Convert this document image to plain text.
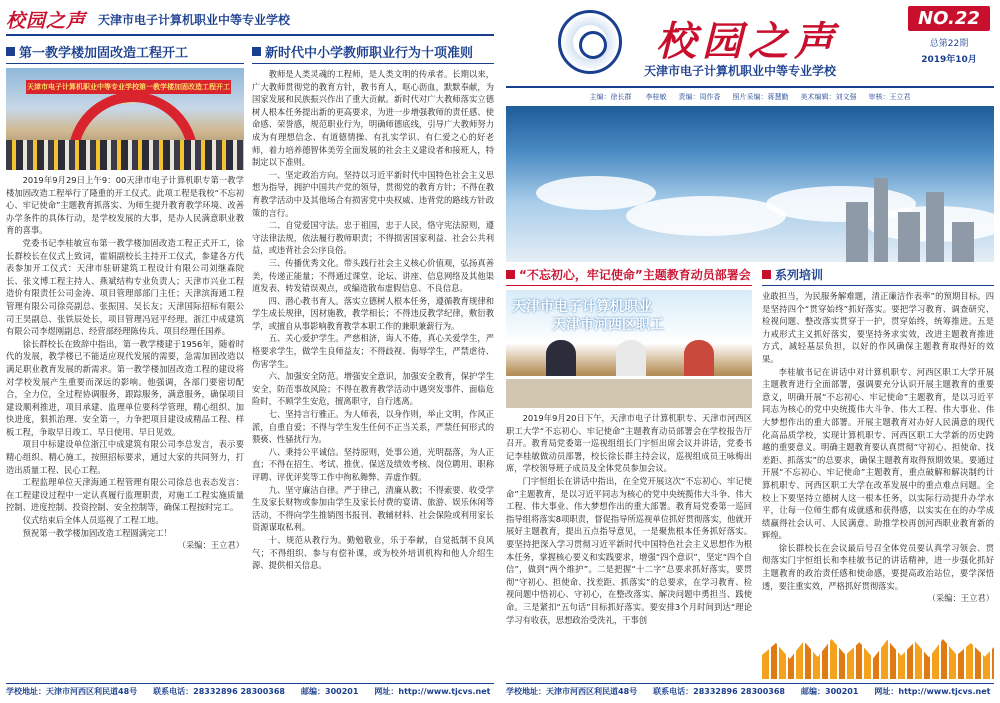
校园之声 天津市电子计算机职业中等专业学校
第一教学楼加固改造工程开工
天津市电子计算机职业中等专业学校第一教学楼加固改造工程开工仪式

2019年9月29日上午9：00天津市电子计算机职专第一教学楼加固改造工程举行了隆重的开工仪式。此项工程是我校“不忘初心、牢记使命”主题教育抓落实、为师生提升教育教学环境、改善办学条件的具体行动，是学校发展的大事，是办人民满意职业教育的喜事。

党委书记李桂敏宣布第一教学楼加固改造工程正式开工，徐长群校长在仪式上致词，霍娟副校长主持开工仪式，参建各方代表参加开工仪式：天津市驻研建筑工程设计有限公司刘继森院长、张文博工程主持人、燕斌结构专业负责人；天津市兴业工程造价有限责任公司金涛、项目管理部部门主任；天津滨海通工程管理有限公司徐亮副总、张振国、吴长友；天津国际招标有限公司王昊副总、张铁辰处长，项目管理冯冠平经理。浙江中成建筑有限公司李煜刚副总、经营部经理陈传兵、项目经理任国养。

徐长群校长在致辞中指出，第一教学楼建于1956年，随着时代的发展，教学楼已不能适应现代发展的需要，急需加固改造以满足职业教育发展的新需求。第一教学楼加固改造工程的建设将对学校发展产生重要而深远的影响。他强调，各部门要密切配合，全力位，全过程协调服务，跟踪服务，满意服务，确保项目建设顺利推进，项目承建、监理单位要科学管理，精心组织、加快进度，狠抓治理、安全第一，力争把项目建设成精品工程、样板工程，争取早日竣工、早日使用、早日见效。

项目中标建设单位浙江中成建筑有限公司李总发言，表示要精心组织、精心施工，按照招标要求，通过大家的共同努力，打造出质量工程、民心工程。

工程监理单位天津海通工程管理有限公司徐总也表态发言：在工程建设过程中一定认真履行监理职责，对施工工程实施质量控制、进度控制、投资控制、安全控制等，确保工程按时完工。

仪式结束后全体人员巡视了工程工地。

预祝第一教学楼加固改造工程圆满完工！

（采编：王立君）
新时代中小学教师职业行为十项准则

教师是人类灵魂的工程师，是人类文明的传承者。长期以来，广大教师贯彻党的教育方针，教书育人，呕心沥血，默默奉献，为国家发展和民族振兴作出了重大贡献。新时代对广大教师落实立德树人根本任务提出新的更高要求，为进一步增强教师的责任感、使命感、荣誉感，规范职业行为，明确师德底线，引导广大教师努力成为有理想信念、有道德情操、有扎实学识、有仁爱之心的好老师，着力培养德智体美劳全面发展的社会主义建设者和接班人，特制定以下准则。

一、坚定政治方向。坚持以习近平新时代中国特色社会主义思想为指导，拥护中国共产党的领导，贯彻党的教育方针；不得在教育教学活动中及其他场合有损害党中央权威、违背党的路线方针政策的言行。

二、自觉爱国守法。忠于祖国，忠于人民，恪守宪法原则，遵守法律法规，依法履行教师职责；不得损害国家利益、社会公共利益，或违背社会公序良俗。

三、传播优秀文化。带头践行社会主义核心价值观，弘扬真善美，传递正能量；不得通过课堂、论坛、讲座、信息网络及其他渠道发表、转发错误观点，或编造散布虚假信息、不良信息。

四、潜心教书育人。落实立德树人根本任务，遵循教育规律和学生成长规律，因材施教，教学相长；不得违反教学纪律，敷衍教学，或擅自从事影响教育教学本职工作的兼职兼薪行为。

五、关心爱护学生。严慈相济，诲人不倦，真心关爱学生，严格要求学生，做学生良师益友；不得歧视、侮辱学生，严禁虐待、伤害学生。

六、加强安全防范。增强安全意识，加强安全教育，保护学生安全，防范事故风险；不得在教育教学活动中遇突发事件、面临危险时，不顾学生安危，擅离职守，自行逃离。

七、坚持言行雅正。为人师表，以身作则，举止文明，作风正派，自重自爱；不得与学生发生任何不正当关系，严禁任何形式的猥亵、性骚扰行为。

八、秉持公平诚信。坚持原则，处事公道，光明磊落，为人正直；不得在招生、考试、推优、保送及绩效考核、岗位聘用、职称评聘、评优评奖等工作中徇私舞弊、弄虚作假。

九、坚守廉洁自律。严于律己，清廉从教；不得索要、收受学生及家长财物或参加由学生及家长付费的宴请、旅游、娱乐休闲等活动，不得向学生推销图书报刊、教辅材料、社会保险或利用家长资源谋取私利。

十、规范从教行为。勤勉敬业，乐于奉献，自觉抵制不良风气；不得组织、参与有偿补课，或为校外培训机构和他人介绍生源、提供相关信息。

学校地址：天津市河西区利民道48号 联系电话：28332896 28300368 邮编：300201 网址：http://www.tjcvs.net
校园之声
天津市电子计算机职业中等专业学校
NO.22
总第22期
2019年10月
主编：徐长群　　李桂敏 责编：周作香 照片采编：蒋慧勤 美术编辑：刘文强 审核：王立君
“不忘初心，牢记使命”主题教育动员部署会
天津市电子计算机职业
天津市河西区职工

2019年9月20日下午，天津市电子计算机职专、天津市河西区职工大学“不忘初心、牢记使命”主题教育动员部署会在学校报告厅召开。教育局党委第一巡视组组长门宇恒出席会议并讲话，党委书记李桂敏做动员部署，校长徐长群主持会议，巡视组成员王咏梅出席，学校领导班子成员及全体党员参加会议。

门宇恒组长在讲话中指出，在全党开展这次“不忘初心、牢记使命”主题教育，是以习近平同志为核心的党中央统揽伟大斗争、伟大工程、伟大事业、伟大梦想作出的重大部署。教育局党委第一巡回指导组将落实8项职责，督促指导所巡视单位抓好贯彻落实，他就开展好主题教育，提出五点指导意见，一是聚焦根本任务抓好落实。要坚持把深入学习贯彻习近平新时代中国特色社会主义思想作为根本任务，掌握核心要义和实践要求，增强“四个意识”，坚定“四个自信”，做到“两个维护”。二是把握“十二字”总要求抓好落实，要贯彻“守初心、担使命、找差距、抓落实”的总要求，在学习教育、检视问题中悟初心、守初心，在整改落实、解决问题中勇担当、践使命。三是紧扣“五句话”目标抓好落实。要安排3个月时间到达“理论学习有收获，思想政治受洗礼，干事创

系列培训

业敢担当，为民服务解难题，清正廉洁作表率”的预期目标。四是坚持四个“贯穿始终”抓好落实。要把学习教育、调查研究、检视问题、整改落实贯穿于一护，贯穿始终，统筹推进。五是力戒形式主义抓好落实，要坚持务求实效，改进主题教育推进方式，减轻基层负担，以好的作风确保主题教育取得好的效果。

李桂敏书记在讲话中对计算机职专、河西区职工大学开展主题教育进行全面部署，强调要充分认识开展主题教育的重要意义，明确开展“不忘初心、牢记使命”主题教育，是以习近平同志为核心的党中央统揽伟大斗争、伟大工程、伟大事业、伟大梦想作出的重大部署。开展主题教育对办好人民满意的现代化高品质学校，实现计算机职专、河西区职工大学新的历史跨越的重要意义。明确主题教育要认真贯彻“守初心、担使命、找差距、抓落实”的总要求，确保主题教育取得预期效果。要通过开展“不忘初心、牢记使命”主题教育，重点破解和解决制约计算机职专、河西区职工大学在改革发展中的重点难点问题。全校上下要坚持立德树人这一根本任务，以实际行动提升办学水平，让每一位师生都有成就感和获得感，以实实在在的办学成绩赢得社会认可、人民满意、助推学校再创河西职业教育新的辉煌。

徐长群校长在会议最后号召全体党员要认真学习领会、贯彻落实门宇恒组长和李桂敏书记的讲话精神，进一步强化抓好主题教育的政治责任感和使命感，要提高政治站位，要学深悟透，要注重实效，严格抓好贯彻落实。

（采编：王立君）
学校地址：天津市河西区利民道48号 联系电话：28332896 28300368 邮编：300201 网址：http://www.tjcvs.net
